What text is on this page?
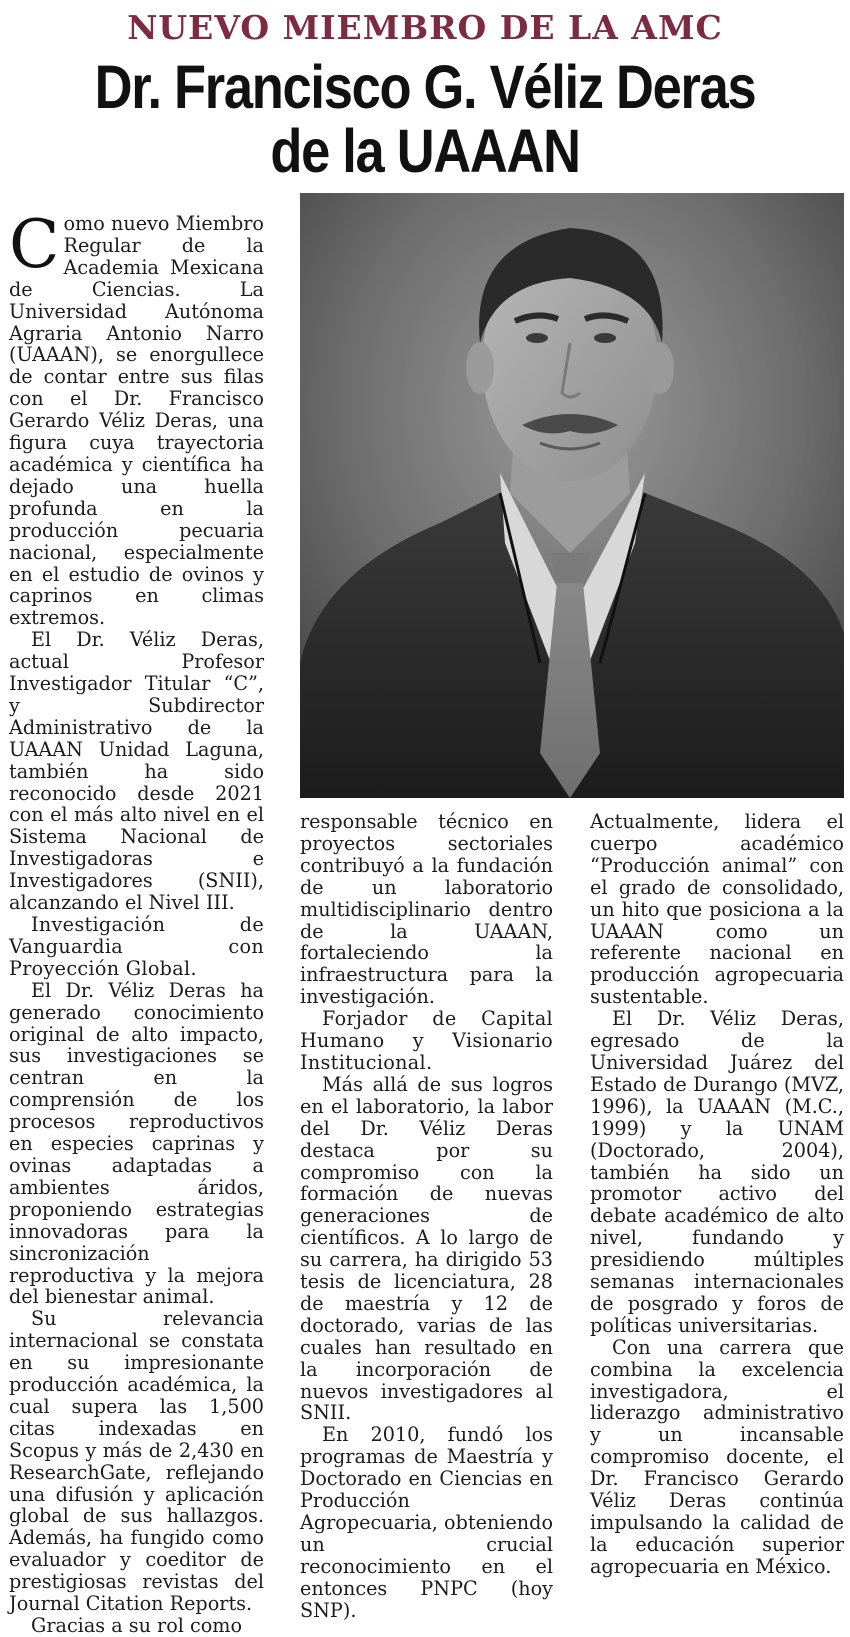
NUEVO MIEMBRO DE LA AMC
Dr. Francisco G. Véliz Deras
de la UAAAN

Como nuevo Miembro Regular de la Academia Mexicana de Ciencias. La Universidad Autónoma Agraria Antonio Narro (UAAAN), se enorgullece de contar entre sus filas con el Dr. Francisco Gerardo Véliz Deras, una figura cuya trayectoria académica y científica ha dejado una huella profunda en la producción pecuaria nacional, especialmente en el estudio de ovinos y caprinos en climas extremos.

El Dr. Véliz Deras, actual Profesor Investigador Titular “C”, y Subdirector Administrativo de la UAAAN Unidad Laguna, también ha sido reconocido desde 2021 con el más alto nivel en el Sistema Nacional de Investigadoras e Investigadores (SNII), alcanzando el Nivel III.

Investigación de Vanguardia con Proyección Global.

El Dr. Véliz Deras ha generado conocimiento original de alto impacto, sus investigaciones se centran en la comprensión de los procesos reproductivos en especies caprinas y ovinas adaptadas a ambientes áridos, proponiendo estrategias innovadoras para la sincronización reproductiva y la mejora del bienestar animal.

Su relevancia internacional se constata en su impresionante producción académica, la cual supera las 1,500 citas indexadas en Scopus y más de 2,430 en ResearchGate, reflejando una difusión y aplicación global de sus hallazgos. Además, ha fungido como evaluador y coeditor de prestigiosas revistas del Journal Citation Reports.

Gracias a su rol como

responsable técnico en proyectos sectoriales contribuyó a la fundación de un laboratorio multidisciplinario dentro de la UAAAN, fortaleciendo la infraestructura para la investigación.

Forjador de Capital Humano y Visionario Institucional.

Más allá de sus logros en el laboratorio, la labor del Dr. Véliz Deras destaca por su compromiso con la formación de nuevas generaciones de científicos. A lo largo de su carrera, ha dirigido 53 tesis de licenciatura, 28 de maestría y 12 de doctorado, varias de las cuales han resultado en la incorporación de nuevos investigadores al SNII.

En 2010, fundó los programas de Maestría y Doctorado en Ciencias en Producción Agropecuaria, obteniendo un crucial reconocimiento en el entonces PNPC (hoy SNP).

Actualmente, lidera el cuerpo académico “Producción animal” con el grado de consolidado, un hito que posiciona a la UAAAN como un referente nacional en producción agropecuaria sustentable.

El Dr. Véliz Deras, egresado de la Universidad Juárez del Estado de Durango (MVZ, 1996), la UAAAN (M.C., 1999) y la UNAM (Doctorado, 2004), también ha sido un promotor activo del debate académico de alto nivel, fundando y presidiendo múltiples semanas internacionales de posgrado y foros de políticas universitarias.

Con una carrera que combina la excelencia investigadora, el liderazgo administrativo y un incansable compromiso docente, el Dr. Francisco Gerardo Véliz Deras continúa impulsando la calidad de la educación superior agropecuaria en México.
